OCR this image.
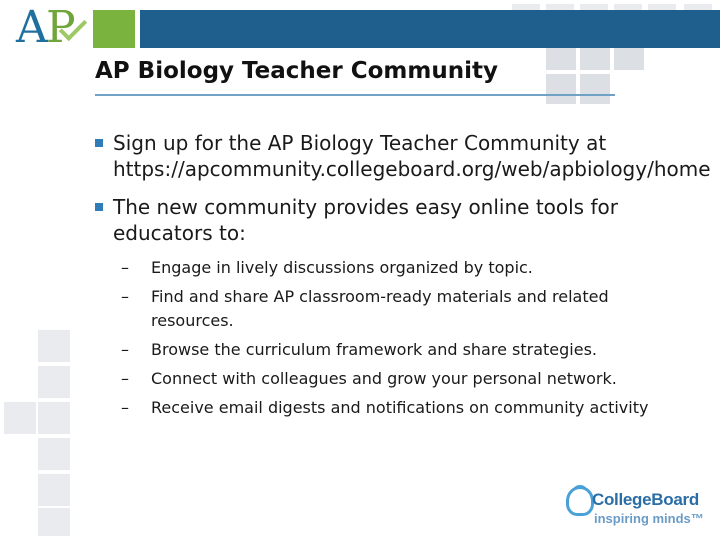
A P
AP Biology Teacher Community
Sign up for the AP Biology Teacher Community at https://apcommunity.collegeboard.org/web/apbiology/home
The new community provides easy online tools for educators to:
– Engage in lively discussions organized by topic.
– Find and share AP classroom-ready materials and related resources.
– Browse the curriculum framework and share strategies.
– Connect with colleagues and grow your personal network.
– Receive email digests and notifications on community activity
CollegeBoard
inspiring minds™
